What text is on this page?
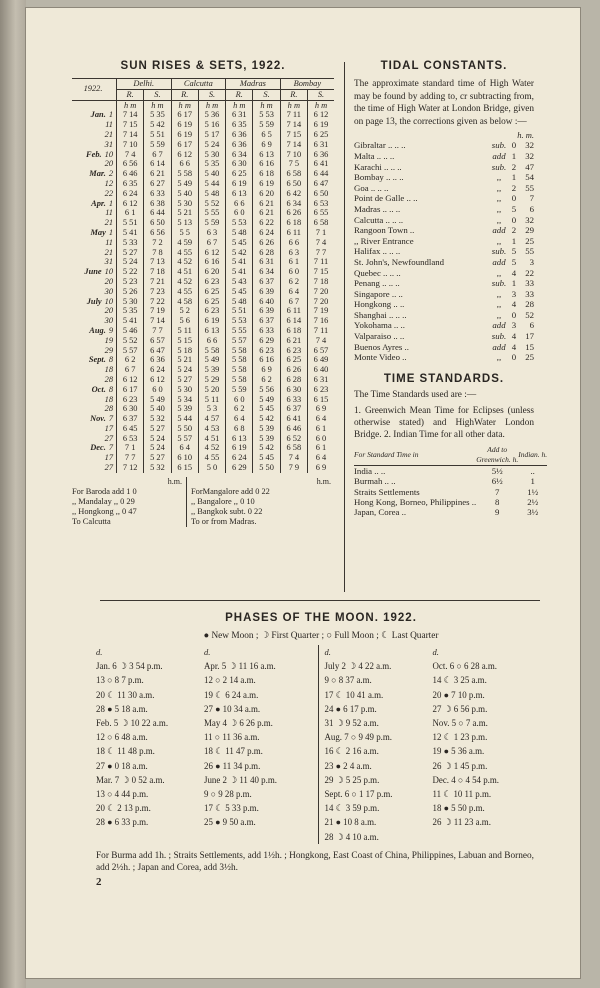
SUN RISES & SETS, 1922.
1922.	Delhi.		Calcutta		Madras		Bombay	
	R.	S.	R.	S.	R.	S.	R.	S.
	h m	h m	h m	h m	h m	h m	h m	h m
Jan. 1	7 14	5 35	6 17	5 36	6 31	5 53	7 11	6 12
11	7 15	5 42	6 19	5 16	6 35	5 59	7 14	6 19
21	7 14	5 51	6 19	5 17	6 36	6 5	7 15	6 25
31	7 10	5 59	6 17	5 24	6 36	6 9	7 14	6 31
Feb. 10	7 4	6 7	6 12	5 30	6 34	6 13	7 10	6 36
20	6 56	6 14	6 6	5 35	6 30	6 16	7 5	6 41
Mar. 2	6 46	6 21	5 58	5 40	6 25	6 18	6 58	6 44
12	6 35	6 27	5 49	5 44	6 19	6 19	6 50	6 47
22	6 24	6 33	5 40	5 48	6 13	6 20	6 42	6 50
Apr. 1	6 12	6 38	5 30	5 52	6 6	6 21	6 34	6 53
11	6 1	6 44	5 21	5 55	6 0	6 21	6 26	6 55
21	5 51	6 50	5 13	5 59	5 53	6 22	6 18	6 58
May 1	5 41	6 56	5 5	6 3	5 48	6 24	6 11	7 1
11	5 33	7 2	4 59	6 7	5 45	6 26	6 6	7 4
21	5 27	7 8	4 55	6 12	5 42	6 28	6 3	7 7
31	5 24	7 13	4 52	6 16	5 41	6 31	6 1	7 11
June 10	5 22	7 18	4 51	6 20	5 41	6 34	6 0	7 15
20	5 23	7 21	4 52	6 23	5 43	6 37	6 2	7 18
30	5 26	7 23	4 55	6 25	5 45	6 39	6 4	7 20
July 10	5 30	7 22	4 58	6 25	5 48	6 40	6 7	7 20
20	5 35	7 19	5 2	6 23	5 51	6 39	6 11	7 19
30	5 41	7 14	5 6	6 19	5 53	6 37	6 14	7 16
Aug. 9	5 46	7 7	5 11	6 13	5 55	6 33	6 18	7 11
19	5 52	6 57	5 15	6 6	5 57	6 29	6 21	7 4
29	5 57	6 47	5 18	5 58	5 58	6 23	6 23	6 57
Sept. 8	6 2	6 36	5 21	5 49	5 58	6 16	6 25	6 49
18	6 7	6 24	5 24	5 39	5 58	6 9	6 26	6 40
28	6 12	6 12	5 27	5 29	5 58	6 2	6 28	6 31
Oct. 8	6 17	6 0	5 30	5 20	5 59	5 56	6 30	6 23
18	6 23	5 49	5 34	5 11	6 0	5 49	6 33	6 15
28	6 30	5 40	5 39	5 3	6 2	5 45	6 37	6 9
Nov. 7	6 37	5 32	5 44	4 57	6 4	5 42	6 41	6 4
17	6 45	5 27	5 50	4 53	6 8	5 39	6 46	6 1
27	6 53	5 24	5 57	4 51	6 13	5 39	6 52	6 0
Dec. 7	7 1	5 24	6 4	4 52	6 19	5 42	6 58	6 1
17	7 7	5 27	6 10	4 55	6 24	5 45	7 4	6 4
27	7 12	5 32	6 15	5 0	6 29	5 50	7 9	6 9
h.m.
For Baroda add 1 0
,, Mandalay ,, 0 29
,, Hongkong ,, 0 47
To Calcutta
h.m.
ForMangalore add 0 22
,, Bangalore ,, 0 10
,, Bangkok subt. 0 22
To or from Madras.
TIDAL CONSTANTS.
The approximate standard time of High Water may be found by adding to, cr subtracting from, the time of High Water at London Bridge, given on page 13, the corrections given as below :—
h. m.
Gibraltar .. .. ..	sub.	0	32
Malta .. .. ..	add	1	32
Karachi .. .. ..	sub.	2	47
Bombay .. .. ..	,,	1	54
Goa .. .. ..	,,	2	55
Point de Galle .. ..	,,	0	7
Madras .. .. ..	,,	5	6
Calcutta .. .. ..	,,	0	32
Rangoon Town ..	add	2	29
,, River Entrance	,,	1	25
Halifax .. .. ..	sub.	5	55
St. John's, Newfoundland	add	5	3
Quebec .. .. ..	,,	4	22
Penang .. .. ..	sub.	1	33
Singapore .. ..	,,	3	33
Hongkong .. ..	,,	4	28
Shanghai .. .. ..	,,	0	52
Yokohama .. ..	add	3	6
Valparaiso .. ..	sub.	4	17
Buenos Ayres ..	add	4	15
Monte Video ..	,,	0	25
TIME STANDARDS.
The Time Standards used are :—
1. Greenwich Mean Time for Eclipses (unless otherwise stated) and HighWater London Bridge. 2. Indian Time for all other data.
For Standard Time in	Add to
Greenwich. h.	Indian. h.
India .. ..	5½	..
Burmah .. ..	6½	1
Straits Settlements	7	1½
Hong Kong, Borneo, Philippines ..	8	2½
Japan, Corea ..	9	3½
PHASES OF THE MOON. 1922.
● New Moon ; ☽ First Quarter ; ○ Full Moon ; ☾ Last Quarter
d.	d.
Jan. 6 ☽ 3 54 p.m.	Apr. 5 ☽ 11 16 a.m.
13 ○ 8 7 p.m.	12 ○ 2 14 a.m.
20 ☾ 11 30 a.m.	19 ☾ 6 24 a.m.
28 ● 5 18 a.m.	27 ● 10 34 a.m.
Feb. 5 ☽ 10 22 a.m.	May 4 ☽ 6 26 p.m.
12 ○ 6 48 a.m.	11 ○ 11 36 a.m.
18 ☾ 11 48 p.m.	18 ☾ 11 47 p.m.
27 ● 0 18 a.m.	26 ● 11 34 p.m.
Mar. 7 ☽ 0 52 a.m.	June 2 ☽ 11 40 p.m.
13 ○ 4 44 p.m.	9 ○ 9 28 p.m.
20 ☾ 2 13 p.m.	17 ☾ 5 33 p.m.
28 ● 6 33 p.m.	25 ● 9 50 a.m.
d.	d.
July 2 ☽ 4 22 a.m.	Oct. 6 ○ 6 28 a.m.
9 ○ 8 37 a.m.	14 ☾ 3 25 a.m.
17 ☾ 10 41 a.m.	20 ● 7 10 p.m.
24 ● 6 17 p.m.	27 ☽ 6 56 p.m.
31 ☽ 9 52 a.m.	Nov. 5 ○ 7 a.m.
Aug. 7 ○ 9 49 p.m.	12 ☾ 1 23 p.m.
16 ☾ 2 16 a.m.	19 ● 5 36 a.m.
23 ● 2 4 a.m.	26 ☽ 1 45 p.m.
29 ☽ 5 25 p.m.	Dec. 4 ○ 4 54 p.m.
Sept. 6 ○ 1 17 p.m.	11 ☾ 10 11 p.m.
14 ☾ 3 59 p.m.	18 ● 5 50 p.m.
21 ● 10 8 a.m.	26 ☽ 11 23 a.m.
28 ☽ 4 10 a.m.
For Burma add 1h. ; Straits Settlements, add 1½h. ; Hongkong, East Coast of China, Philippines, Labuan and Borneo, add 2½h. ; Japan and Corea, add 3½h.
2
